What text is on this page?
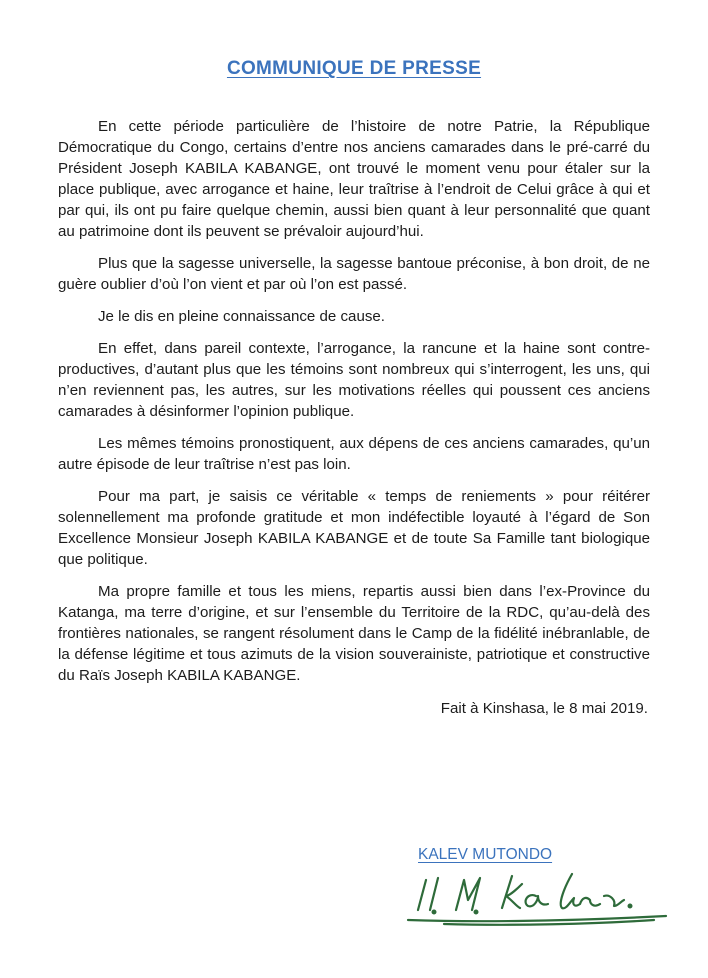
COMMUNIQUE DE PRESSE

En cette période particulière de l’histoire de notre Patrie, la République Démocratique du Congo, certains d’entre nos anciens camarades dans le pré-carré du Président Joseph KABILA KABANGE, ont trouvé le moment venu pour étaler sur la place publique, avec arrogance et haine, leur traîtrise à l’endroit de Celui grâce à qui et par qui, ils ont pu faire quelque chemin, aussi bien quant à leur personnalité que quant au patrimoine dont ils peuvent se prévaloir aujourd’hui.

Plus que la sagesse universelle, la sagesse bantoue préconise, à bon droit, de ne guère oublier d’où l’on vient et par où l’on est passé.

Je le dis en pleine connaissance de cause.

En effet, dans pareil contexte, l’arrogance, la rancune et la haine sont contre-productives, d’autant plus que les témoins sont nombreux qui s’interrogent, les uns, qui n’en reviennent pas, les autres, sur les motivations réelles qui poussent ces anciens camarades à désinformer l’opinion publique.

Les mêmes témoins pronostiquent, aux dépens de ces anciens camarades, qu’un autre épisode de leur traîtrise n’est pas loin.

Pour ma part, je saisis ce véritable « temps de reniements » pour réitérer solennellement ma profonde gratitude et mon indéfectible loyauté à l’égard de Son Excellence Monsieur Joseph KABILA KABANGE et de toute Sa Famille tant biologique que politique.

Ma propre famille et tous les miens, repartis aussi bien dans l’ex-Province du Katanga, ma terre d’origine, et sur l’ensemble du Territoire de la RDC, qu’au-delà des frontières nationales, se rangent résolument dans le Camp de la fidélité inébranlable, de la défense légitime et tous azimuts de la vision souverainiste, patriotique et constructive du Raïs Joseph KABILA KABANGE.

Fait à Kinshasa, le 8 mai 2019.
KALEV MUTONDO
